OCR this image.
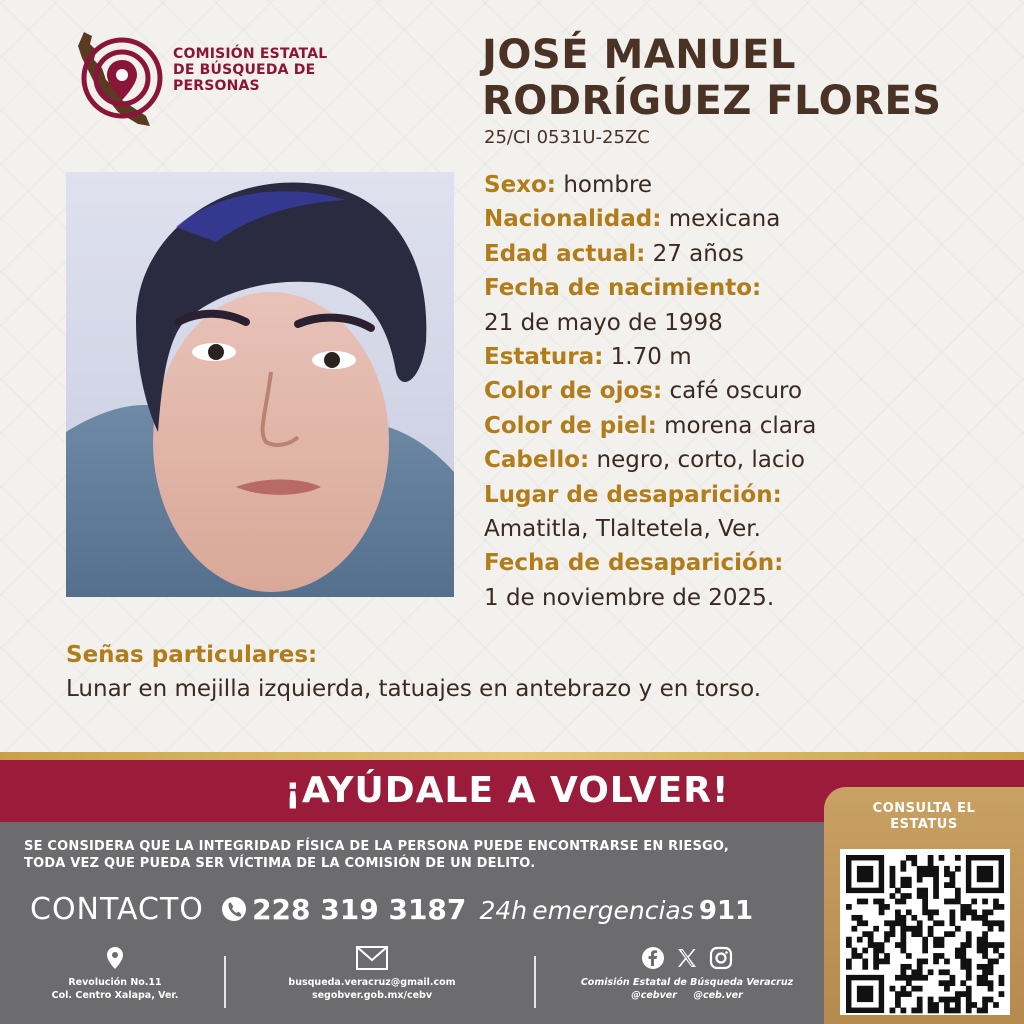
COMISIÓN ESTATAL
DE BÚSQUEDA DE
PERSONAS
JOSÉ MANUEL
RODRÍGUEZ FLORES
25/CI 0531U-25ZC
Sexo: hombre
Nacionalidad: mexicana
Edad actual: 27 años
Fecha de nacimiento:
21 de mayo de 1998
Estatura: 1.70 m
Color de ojos: café oscuro
Color de piel: morena clara
Cabello: negro, corto, lacio
Lugar de desaparición:
Amatitla, Tlaltetela, Ver.
Fecha de desaparición:
1 de noviembre de 2025.
Señas particulares:
Lunar en mejilla izquierda, tatuajes en antebrazo y en torso.
¡AYÚDALE A VOLVER!
SE CONSIDERA QUE LA INTEGRIDAD FÍSICA DE LA PERSONA PUEDE ENCONTRARSE EN RIESGO,
TODA VEZ QUE PUEDA SER VÍCTIMA DE LA COMISIÓN DE UN DELITO.
CONTACTO 228 319 3187 24h emergencias 911
Revolución No.11
Col. Centro Xalapa, Ver.
busqueda.veracruz@gmail.com
segobver.gob.mx/cebv
Comisión Estatal de Búsqueda Veracruz
@cebver @ceb.ver
CONSULTA EL
ESTATUS
